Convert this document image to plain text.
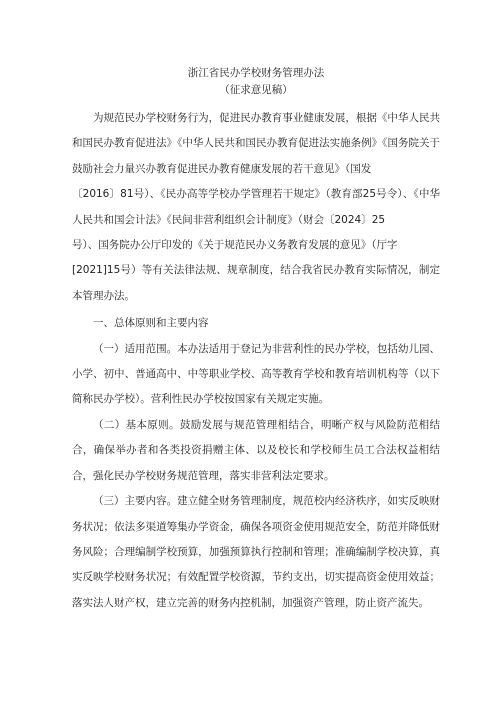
浙江省民办学校财务管理办法

（征求意见稿）

为规范民办学校财务行为，促进民办教育事业健康发展，根据《中华人民共和国民办教育促进法》《中华人民共和国民办教育促进法实施条例》《国务院关于鼓励社会力量兴办教育促进民办教育健康发展的若干意见》（国发
〔2016〕81号）、《民办高等学校办学管理若干规定》（教育部25号令）、《中华人民共和国会计法》《民间非营利组织会计制度》（财会〔2024〕25
号）、国务院办公厅印发的《关于规范民办义务教育发展的意见》（厅字
[2021]15号）等有关法律法规、规章制度，结合我省民办教育实际情况，制定本管理办法。

一、总体原则和主要内容

（一）适用范围。本办法适用于登记为非营利性的民办学校，包括幼儿园、小学、初中、普通高中、中等职业学校、高等教育学校和教育培训机构等（以下简称民办学校）。营利性民办学校按国家有关规定实施。

（二）基本原则。鼓励发展与规范管理相结合，明晰产权与风险防范相结合，确保举办者和各类投资捐赠主体、以及校长和学校师生员工合法权益相结合，强化民办学校财务规范管理，落实非营利法定要求。

（三）主要内容。建立健全财务管理制度，规范校内经济秩序，如实反映财务状况；依法多渠道筹集办学资金，确保各项资金使用规范安全，防范并降低财务风险；合理编制学校预算，加强预算执行控制和管理；准确编制学校决算，真实反映学校财务状况；有效配置学校资源，节约支出，切实提高资金使用效益；落实法人财产权，建立完善的财务内控机制，加强资产管理，防止资产流失。
